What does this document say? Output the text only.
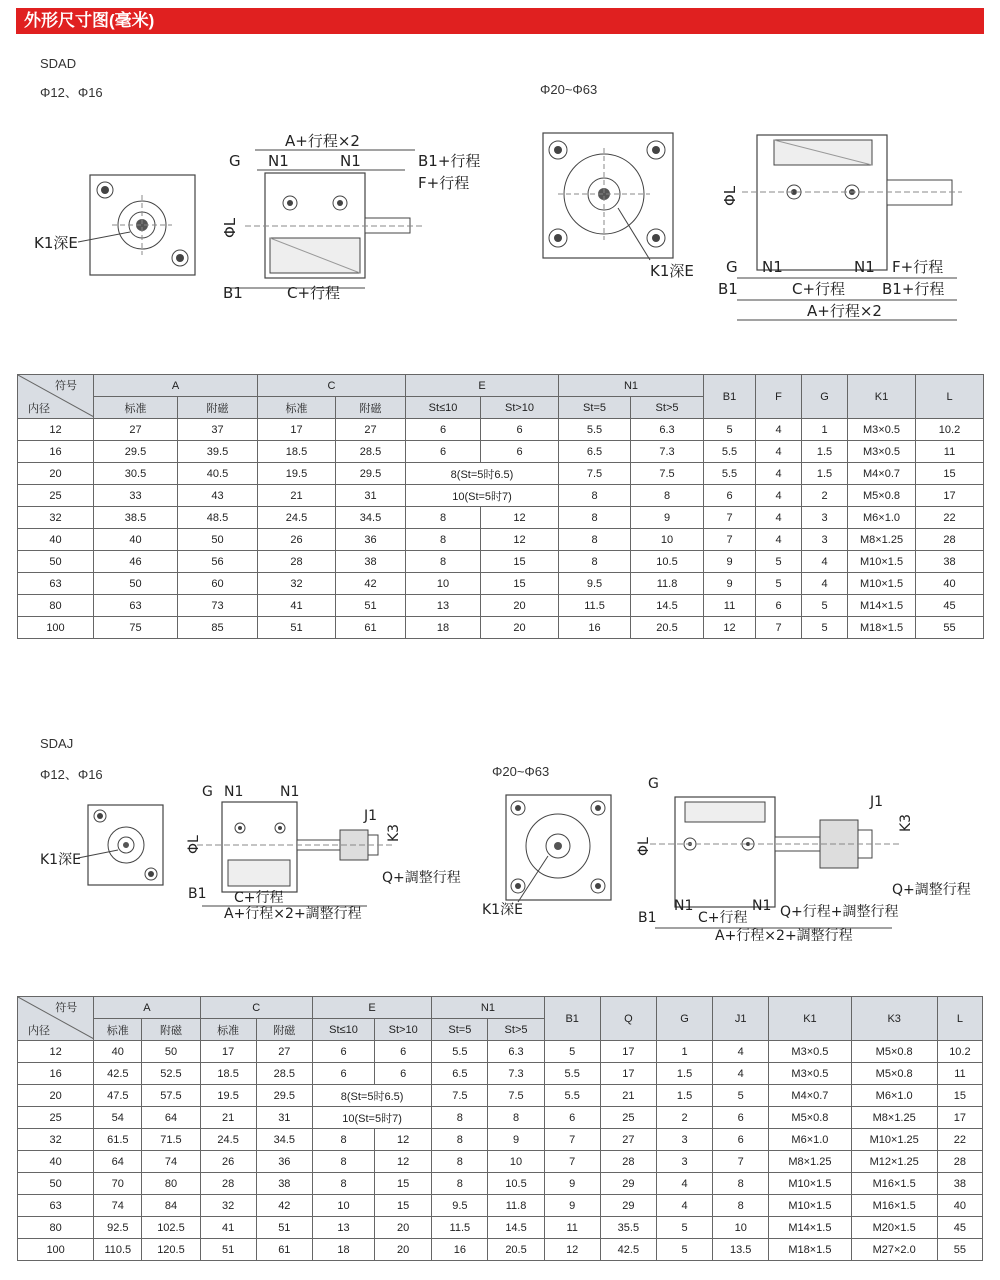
外形尺寸图(毫米)
SDAD
Φ12、Φ16	Φ20~Φ63
K1深E
A+行程×2
G N1	N1	B1+行程
F+行程
ΦL
B1	C+行程
K1深E
ΦL
G N1	N1 F+行程
B1	C+行程 B1+行程
A+行程×2
符号
内径	A		C		E		N1		B1	F	G	K1	L
	标准	附磁	标准	附磁	St≤10	St>10	St=5	St>5					
12	27	37	17	27	6	6	5.5	6.3	5	4	1	M3×0.5	10.2
16	29.5	39.5	18.5	28.5	6	6	6.5	7.3	5.5	4	1.5	M3×0.5	11
20	30.5	40.5	19.5	29.5	8(St=5时6.5)		7.5	7.5	5.5	4	1.5	M4×0.7	15
25	33	43	21	31	10(St=5时7)		8	8	6	4	2	M5×0.8	17
32	38.5	48.5	24.5	34.5	8	12	8	9	7	4	3	M6×1.0	22
40	40	50	26	36	8	12	8	10	7	4	3	M8×1.25	28
50	46	56	28	38	8	15	8	10.5	9	5	4	M10×1.5	38
63	50	60	32	42	10	15	9.5	11.8	9	5	4	M10×1.5	40
80	63	73	41	51	13	20	11.5	14.5	11	6	5	M14×1.5	45
100	75	85	51	61	18	20	16	20.5	12	7	5	M18×1.5	55
SDAJ
Φ12、Φ16	Φ20~Φ63
K1深E
G N1	N1
J1
K3
ΦL
Q+調整行程
B1 C+行程
A+行程×2+調整行程	K1深E
G
J1
K3
ΦL
Q+調整行程
N1	N1 Q+行程+調整行程
B1	C+行程
A+行程×2+調整行程
符号
内径	A		C		E		N1		B1	Q	G	J1	K1	K3	L
	标准	附磁	标准	附磁	St≤10	St>10	St=5	St>5							
12	40	50	17	27	6	6	5.5	6.3	5	17	1	4	M3×0.5	M5×0.8	10.2
16	42.5	52.5	18.5	28.5	6	6	6.5	7.3	5.5	17	1.5	4	M3×0.5	M5×0.8	11
20	47.5	57.5	19.5	29.5	8(St=5时6.5)		7.5	7.5	5.5	21	1.5	5	M4×0.7	M6×1.0	15
25	54	64	21	31	10(St=5时7)		8	8	6	25	2	6	M5×0.8	M8×1.25	17
32	61.5	71.5	24.5	34.5	8	12	8	9	7	27	3	6	M6×1.0	M10×1.25	22
40	64	74	26	36	8	12	8	10	7	28	3	7	M8×1.25	M12×1.25	28
50	70	80	28	38	8	15	8	10.5	9	29	4	8	M10×1.5	M16×1.5	38
63	74	84	32	42	10	15	9.5	11.8	9	29	4	8	M10×1.5	M16×1.5	40
80	92.5	102.5	41	51	13	20	11.5	14.5	11	35.5	5	10	M14×1.5	M20×1.5	45
100	110.5	120.5	51	61	18	20	16	20.5	12	42.5	5	13.5	M18×1.5	M27×2.0	55
